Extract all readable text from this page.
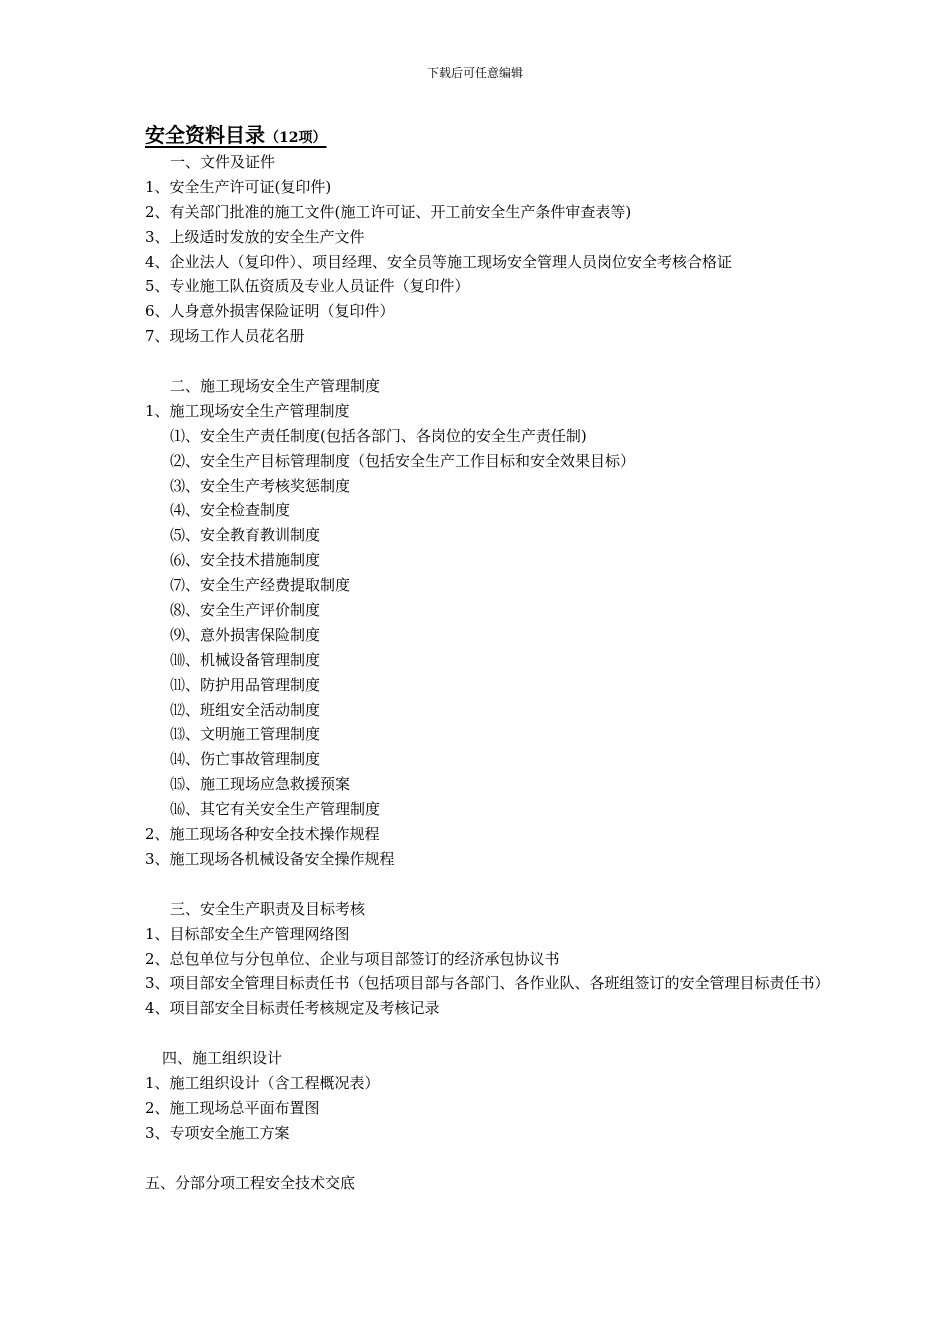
下载后可任意编辑
安全资料目录（12项）
一、文件及证件
1、安全生产许可证(复印件)
2、有关部门批准的施工文件(施工许可证、开工前安全生产条件审查表等)
3、上级适时发放的安全生产文件
4、企业法人（复印件）、项目经理、安全员等施工现场安全管理人员岗位安全考核合格证
5、专业施工队伍资质及专业人员证件（复印件）
6、人身意外损害保险证明（复印件）
7、现场工作人员花名册
二、施工现场安全生产管理制度
1、施工现场安全生产管理制度
⑴、安全生产责任制度(包括各部门、各岗位的安全生产责任制)
⑵、安全生产目标管理制度（包括安全生产工作目标和安全效果目标）
⑶、安全生产考核奖惩制度
⑷、安全检查制度
⑸、安全教育教训制度
⑹、安全技术措施制度
⑺、安全生产经费提取制度
⑻、安全生产评价制度
⑼、意外损害保险制度
⑽、机械设备管理制度
⑾、防护用品管理制度
⑿、班组安全活动制度
⒀、文明施工管理制度
⒁、伤亡事故管理制度
⒂、施工现场应急救援预案
⒃、其它有关安全生产管理制度
2、施工现场各种安全技术操作规程
3、施工现场各机械设备安全操作规程
三、安全生产职责及目标考核
1、目标部安全生产管理网络图
2、总包单位与分包单位、企业与项目部签订的经济承包协议书
3、项目部安全管理目标责任书（包括项目部与各部门、各作业队、各班组签订的安全管理目标责任书）
4、项目部安全目标责任考核规定及考核记录
四、施工组织设计
1、施工组织设计（含工程概况表）
2、施工现场总平面布置图
3、专项安全施工方案
五、分部分项工程安全技术交底
